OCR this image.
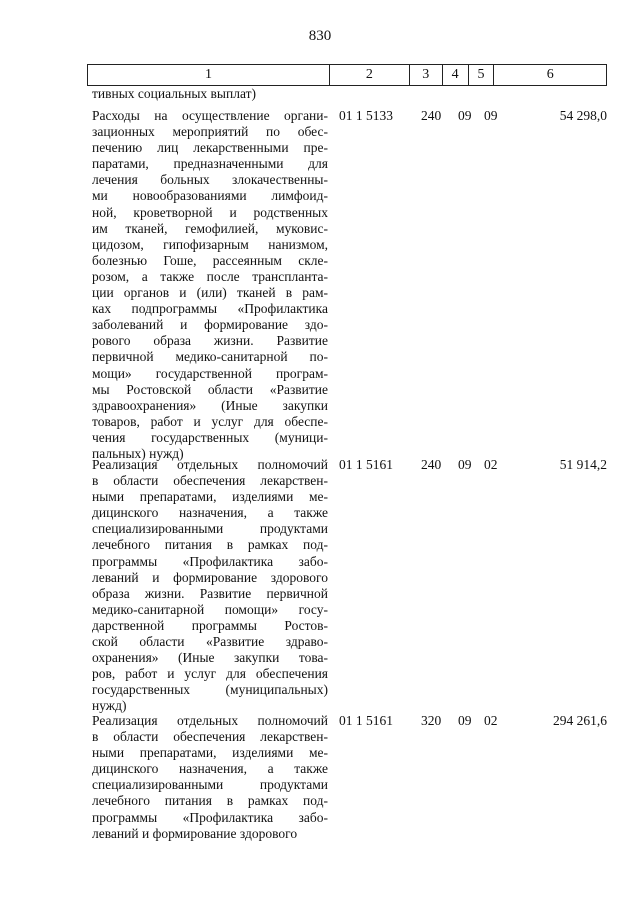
830
1	2	3	4	5	6
тивных социальных выплат)
Расходы на осуществление органи-
зационных мероприятий по обес-
печению лиц лекарственными пре-
паратами, предназначенными для
лечения больных злокачественны-
ми новообразованиями лимфоид-
ной, кроветворной и родственных
им тканей, гемофилией, муковис-
цидозом, гипофизарным нанизмом,
болезнью Гоше, рассеянным скле-
розом, а также после транспланта-
ции органов и (или) тканей в рам-
ках подпрограммы «Профилактика
заболеваний и формирование здо-
рового образа жизни. Развитие
первичной медико-санитарной по-
мощи» государственной програм-
мы Ростовской области «Развитие
здравоохранения» (Иные закупки
товаров, работ и услуг для обеспе-
чения государственных (муници-
пальных) нужд)
01 1 5133 240 09 09	54 298,0
Реализация отдельных полномочий
в области обеспечения лекарствен-
ными препаратами, изделиями ме-
дицинского назначения, а также
специализированными продуктами
лечебного питания в рамках под-
программы «Профилактика забо-
леваний и формирование здорового
образа жизни. Развитие первичной
медико-санитарной помощи» госу-
дарственной программы Ростов-
ской области «Развитие здраво-
охранения» (Иные закупки това-
ров, работ и услуг для обеспечения
государственных (муниципальных)
нужд)
01 1 5161 240 09 02	51 914,2
Реализация отдельных полномочий
в области обеспечения лекарствен-
ными препаратами, изделиями ме-
дицинского назначения, а также
специализированными продуктами
лечебного питания в рамках под-
программы «Профилактика забо-
леваний и формирование здорового
01 1 5161 320 09 02	294 261,6
